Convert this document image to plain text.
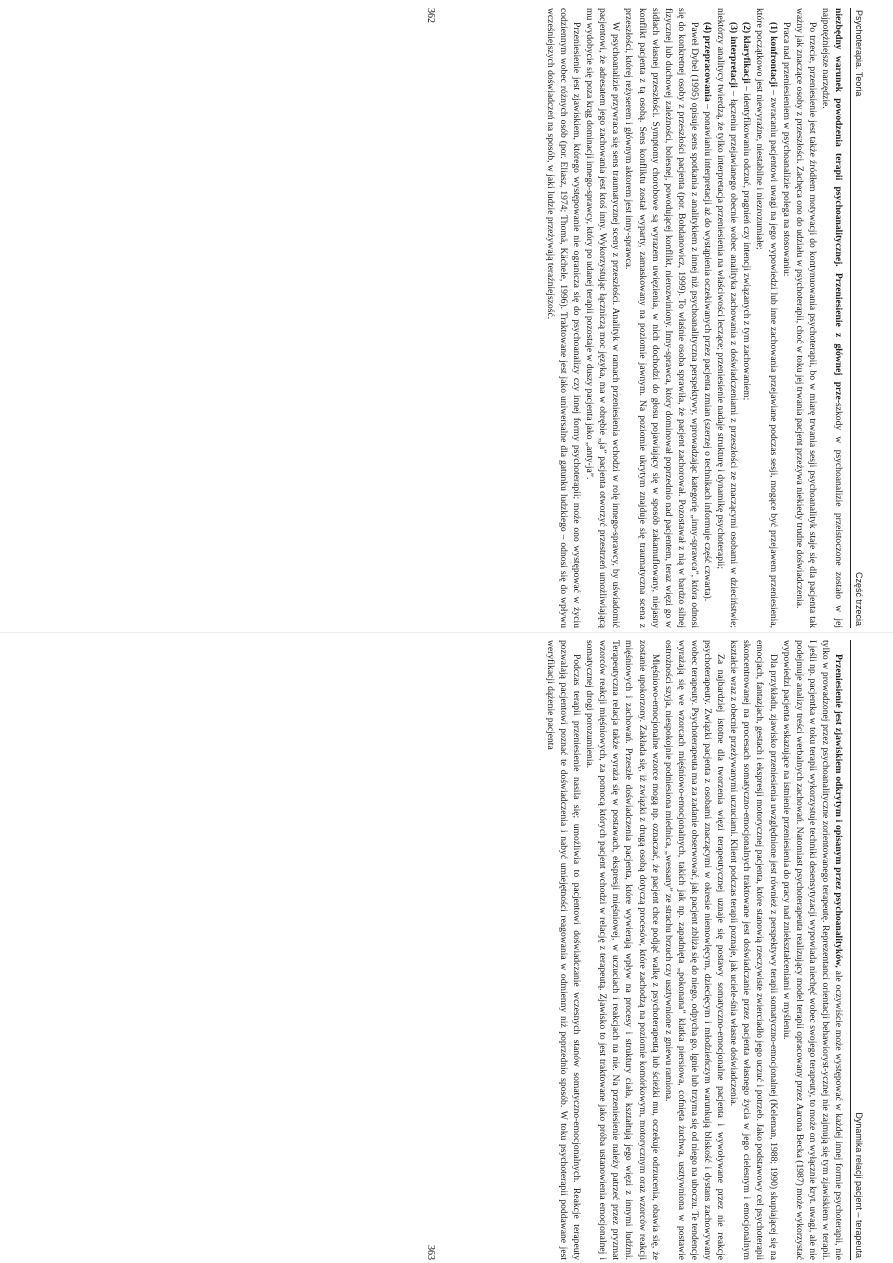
Psychoterapia. Teoria
Część trzecia

niezbędny warunek powodzenia terapii psychoanalitycznej. Przeniesienie z głównej prze-szkody w psychoanalizie przeistoczone zostało w jej najpotężniejsze narzędzie.

Po trzecie, przeniesienie jest także źródłem motywacji do kontynuowania psychoterapii, bo w miarę trwania sesji psychoanalityk staje się dla pacjenta tak ważny jak znaczące osoby z przeszłości. Zachęca ono do udziału w psychoterapii, choć w toku jej trwania pacjent przeżywa niekiedy trudne doświadczenia.

Praca nad przeniesieniem w psychoanalizie polega na stosowaniu:

(1) konfrontacji – zwracaniu pacjentowi uwagi na jego wypowiedzi lub inne zachowania przejawiane podczas sesji, mogące być przejawem przeniesienia, które początkowo jest niewyraźne, niestabilne i niezrozumiałe;

(2) klaryfikacji – identyfikowaniu odczuć, pragnień czy intencji związanych z tym zachowaniem;

(3) interpretacji – łączeniu przejawianego obecnie wobec analityka zachowania z doświadczeniami z przeszłości ze znaczącymi osobami w dzieciństwie; niektórzy analitycy twierdzą, że tylko interpretacja przeniesienia na właściwości leczące; przeniesienie nadaje strukturę i dynamikę psychoterapii;

(4) przepracowania – ponawianiu interpretacji aż do wystąpienia oczekiwanych przez pacjenta zmian (szerzej o technikach informuje część czwarta).

Paweł Dybel (1995) opisuje sens spotkania z analitykiem z innej niż psychoanalityczna perspektywy, wprowadzając kategorię „inny-sprawca”, która odnosi się do konkretnej osoby z przeszłości pacjenta (por. Bohdanowicz, 1999). To właśnie osoba sprawiła, że pacjent zachorował. Pozostawał z nią w bardzo silnej fizycznej lub duchowej zależności, bolesnej, powodującej konflikt, nierozwiniony. Inny-sprawca, który dominował poprzednio nad pacjentem, teraz więzi go w sidłach własnej przeszłości. Symptomy chorobowe są wyrazem uwięzienia, w nich dochodzi do głosu pojawiający się w sposób zakamuflowany, niejasny konflikt pacjenta z tą osobą. Sens konfliktu został wyparty, zamaskowany na poziomie jawnym. Na poziomie ukrytym znajduje się traumatyczna scena z przeszłości, której reżyserem i głównym aktorem jest inny-sprawca.

W psychoanalizie przywraca się sens traumatycznej sceny z przeszłości. Analityk w ramach przeniesienia wchodzi w rolę innego-sprawcy, by uświadomić pacjentowi, że adresatem jego zachowania jest ktoś inny. Wykorzystując łączniczą moc języka, ma w obrębie „ja” pacjenta otworzyć przestrzeń umożliwiającą mu wydobycie się poza krąg dominacji innego-sprawcy, który po udanej terapii pozostaje w duszy pacjenta jako „anty-ja”.

Przeniesienie jest zjawiskiem, którego występowanie nie ogranicza się do psychoanalizy czy innej formy psychoterapii; może ono występować w życiu codziennym wobec różnych osób (por. Eliasz, 1974; Thomä, Kächele, 1996). Traktowane jest jako uniwersalne dla gatunku ludzkiego – odnosi się do wpływu wcześniejszych doświadczeń na sposób, w jaki ludzie przeżywają teraźniejszość.

362
Dynamika relacji pacjent – terapeuta

Przeniesienie jest zjawiskiem odkrytym i opisanym przez psychoanalityków, ale oczywiście może występować w każdej innej formie psychoterapii, nie tylko w prowadzonej przez psychoanalityczne zorientowanego terapeutę. Reprezentanci orientacji behawioryst-ycznej nie zajmują się tym zjawiskiem w terapii. I jeśli np. pacjentka w toku terapii wykorzystuje techniki desensytyzacji wypowiada niechęć wobec swojego terapeuty, to może on wyłącznie kryt. uwagi, ale nie podejmuje analizy treści werbalnych zachowań. Natomiast psychoterapeuta realizujący model terapii opracowany przez Aarona Becka (1987) może wykorzystać wypowiedzi pacjenta wskazujące na istnienie przeniesienia do pracy nad zniekształceniami w myśleniu.

Dla przykładu, zjawisko przeniesienia uwzględnione jest również z perspektywy terapii somatyczno-emocjonalnej (Keleman, 1988; 1990) skupiającej się na emocjach, fantazjach, gestach i ekspresji motorycznej pacjenta, które stanowią rzeczywiste zwierciadło jego uczuć i potrzeb. Jako podstawowy cel psychoterapii skoncentrowanej na procesach somatyczno-emocjonalnych traktowane jest doświadczanie przez pacjenta własnego życia w jego cielesnym i emocjonalnym kształcie wraz z obecnie przeżywanymi uczuciami. Klient podczas terapii poznaje, jak uciele-śnia własne doświadczenia.

Za najbardziej istotne dla tworzenia więzi terapeutycznej uznaje się postawy somatyczno-emocjonalne pacjenta i wywoływane przez nie reakcje psychoterapeuty. Związki pacjenta z osobami znaczącymi w okresie niemowlęcym, dziecięcym i młodzieńczym warunkują bliskość i dystans zachowywany wobec terapeuty. Psychoterapeuta ma za zadanie obserwować, jak pacjent zbliża się do niego, odpycha go, lgnie lub trzyma się od niego na uboczu. Te tendencje wyrażają się we wzorcach mięśniowo-emocjonalnych, takich jak np. zapadnięta „pokonana” klatka piersiowa, cofnięta żuchwa, usztywniona w postawie ostrożności szyja, niespokojnie podniesiona miednica, „wessany” ze strachu brzuch czy usztywnione z gniewu ramiona.

Mięśniowo-emocjonalne wzorce mogą np. oznaczać, że pacjent chce podjąć walkę z psychoterapeutą lub ścieżki mu, oczekuje odrzucenia, obawia się, że zostanie upokorzony. Zakłada się, iż związki z drugą osobą dotyczą procesów, które zachodzą na poziomie komórkowym, motorycznym oraz wzorców reakcji mięśniowych i zachowań. Przeszłe doświadczenia pacjenta, które wywierają wpływ na procesy i struktury ciała, kształtują jego więzi z innymi ludźmi. Terapeutyczna relacja także wyraża się w postawach, ekspresji mięśniowej, w uczuciach i reakcjach na nie. Na przeniesienie należy patrzeć przez pryzmat wzorców reakcji mięśniowych, za pomocą których pacjent wchodzi w relację z terapeutą. Zjawisko to jest traktowane jako próba ustanowienia emocjonalnej i somatycznej drogi porozumienia.

Podczas terapii przeniesienie nasila się; umożliwia to pacjentowi doświadczanie wczesnych stanów somatyczno-emocjonalnych. Reakcje terapeuty pozwalają pacjentowi poznać te doświadczenia i nabyć umiejętności reagowania w odmienny niż poprzednio sposób. W toku psychoterapii poddawane jest weryfikacji dążenie pacjenta

363
